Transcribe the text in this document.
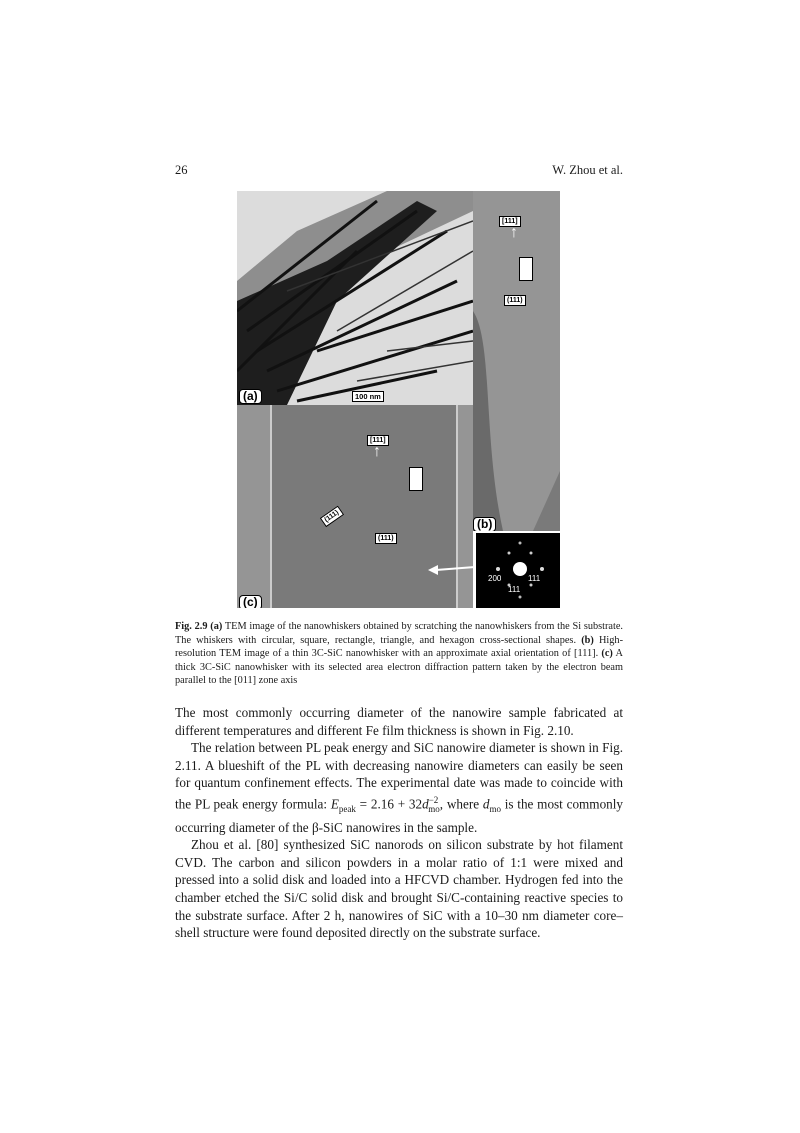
26	W. Zhou et al.
(a)	100 nm
[111]
↑
(111)
(b)
[111]
↑
(111)
(111)
(c)
200	111
111
Fig. 2.9 (a) TEM image of the nanowhiskers obtained by scratching the nanowhiskers from the Si substrate. The whiskers with circular, square, rectangle, triangle, and hexagon cross-sectional shapes. (b) High-resolution TEM image of a thin 3C-SiC nanowhisker with an approximate axial orientation of [111]. (c) A thick 3C-SiC nanowhisker with its selected area electron diffraction pattern taken by the electron beam parallel to the [011] zone axis

The most commonly occurring diameter of the nanowire sample fabricated at different temperatures and different Fe film thickness is shown in Fig. 2.10.

The relation between PL peak energy and SiC nanowire diameter is shown in Fig. 2.11. A blueshift of the PL with decreasing nanowire diameters can easily be seen for quantum confinement effects. The experimental date was made to coincide with the PL peak energy formula: $E_{peak} = 2.16 + 32d^{-2}_{mo}$, where $d_{mo}$ is the most commonly occurring diameter of the β-SiC nanowires in the sample.

Zhou et al. [80] synthesized SiC nanorods on silicon substrate by hot filament CVD. The carbon and silicon powders in a molar ratio of 1:1 were mixed and pressed into a solid disk and loaded into a HFCVD chamber. Hydrogen fed into the chamber etched the Si/C solid disk and brought Si/C-containing reactive species to the substrate surface. After 2 h, nanowires of SiC with a 10–30 nm diameter core–shell structure were found deposited directly on the substrate surface.
